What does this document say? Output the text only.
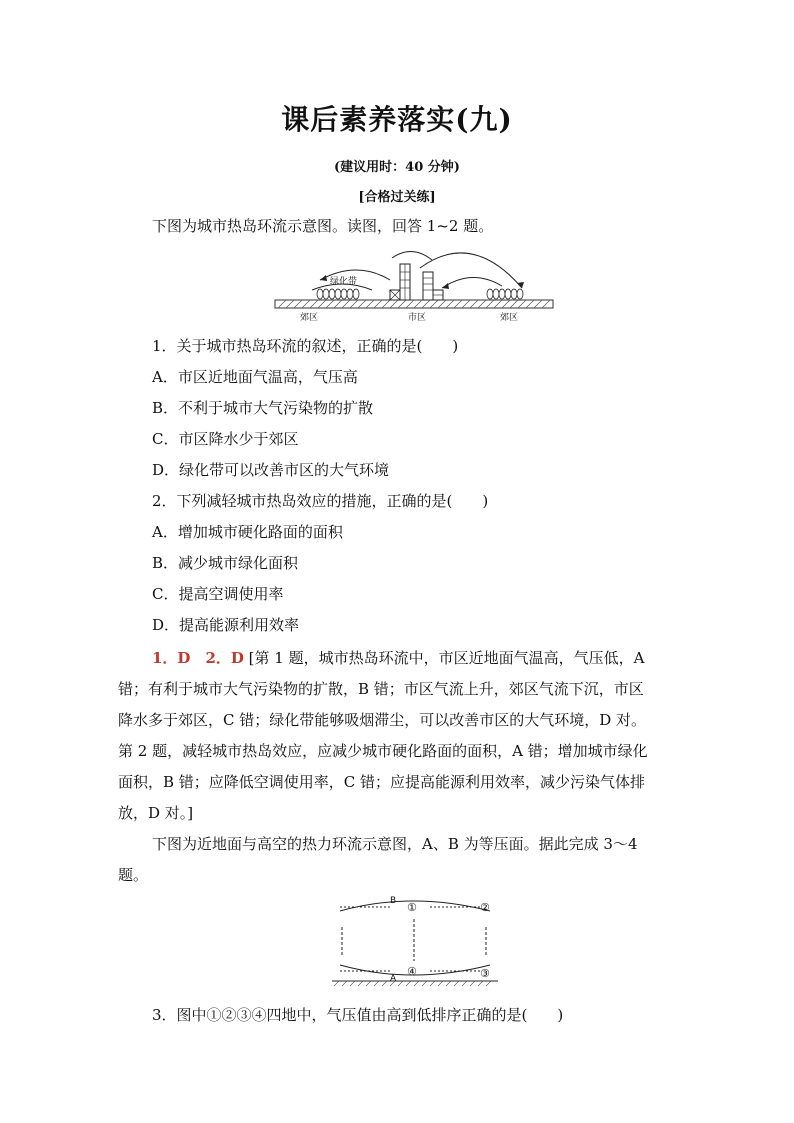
课后素养落实(九)
(建议用时：40 分钟)
[合格过关练]
下图为城市热岛环流示意图。读图，回答 1~2 题。
绿化带
郊区	市区	郊区
1．关于城市热岛环流的叙述，正确的是(　　)
A．市区近地面气温高，气压高
B．不利于城市大气污染物的扩散
C．市区降水少于郊区
D．绿化带可以改善市区的大气环境
2．下列减轻城市热岛效应的措施，正确的是(　　)
A．增加城市硬化路面的面积
B．减少城市绿化面积
C．提高空调使用率
D．提高能源利用效率
1．D　2．D [第 1 题，城市热岛环流中，市区近地面气温高，气压低，A
错；有利于城市大气污染物的扩散，B 错；市区气流上升，郊区气流下沉，市区
降水多于郊区，C 错；绿化带能够吸烟滞尘，可以改善市区的大气环境，D 对。
第 2 题，减轻城市热岛效应，应减少城市硬化路面的面积，A 错；增加城市绿化
面积，B 错；应降低空调使用率，C 错；应提高能源利用效率，减少污染气体排
放，D 对。]
下图为近地面与高空的热力环流示意图，A、B 为等压面。据此完成 3～4
题。
B
A
①	②
③
④
3．图中①②③④四地中，气压值由高到低排序正确的是(　　)
